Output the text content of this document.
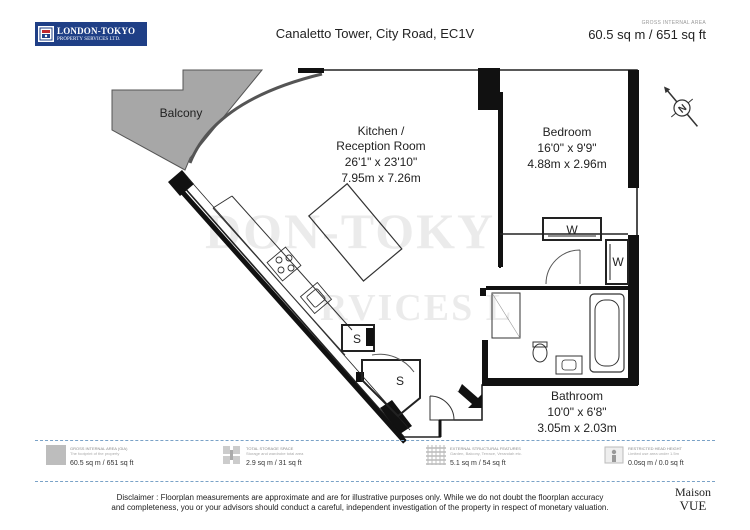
LONDON-TOKYO
PROPERTY SERVICES LTD.	Canaletto Tower, City Road, EC1V
GROSS INTERNAL AREA
60.5 sq m / 651 sq ft
DON-TOKY
RVICES L
Balcony
Kitchen /
Reception Room
26'1" x 23'10"
7.95m x 7.26m
Bedroom
16'0" x 9'9"
4.88m x 2.96m
W
W
S
S
Bathroom
10'0" x 6'8"
3.05m x 2.03m
N
GROSS INTERNAL AREA (GIA)
The footprint of the property
60.5 sq m / 651 sq ft
TOTAL STORAGE SPACE
Storage and wardrobe total area
2.9 sq m / 31 sq ft
EXTERNAL STRUCTURAL FEATURES
Garden, Balcony, Terrace, Verandah etc.
5.1 sq m / 54 sq ft
RESTRICTED HEAD HEIGHT
Limited use area under 1.5m
0.0sq m / 0.0 sq ft
Disclaimer : Floorplan measurements are approximate and are for illustrative purposes only. While we do not doubt the floorplan accuracy
and completeness, you or your advisors should conduct a careful, independent investigation of the property in respect of monetary valuation.
Maison
VUE
